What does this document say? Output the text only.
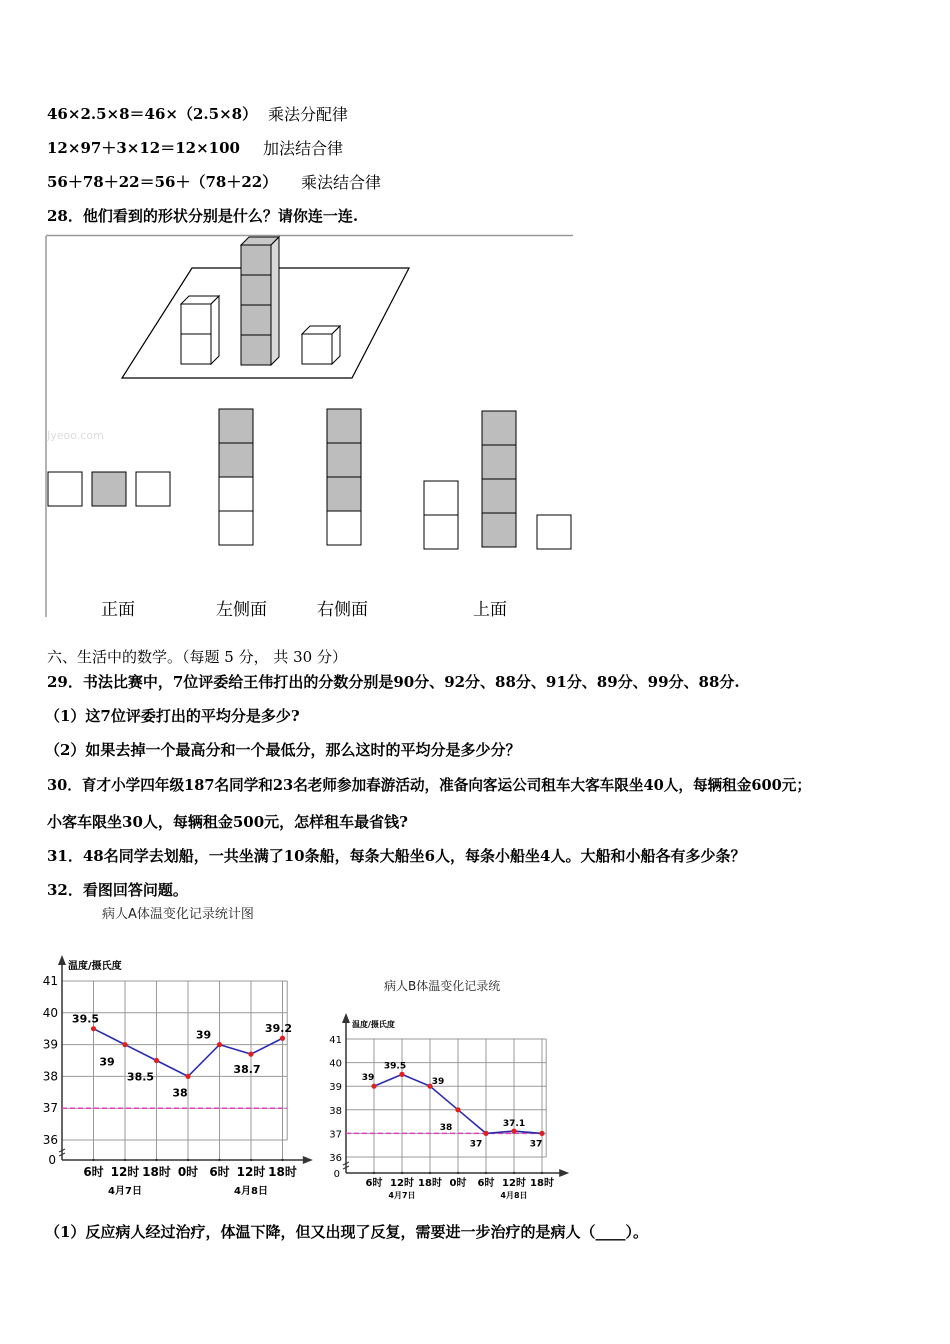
46×2.5×8＝46×（2.5×8） 乘法分配律
12×97＋3×12＝12×100 加法结合律
56＋78＋22＝56＋（78＋22） 乘法结合律
28．他们看到的形状分别是什么？请你连一连.
Jyeoo.com
正面	左侧面	右侧面	上面
六、生活中的数学。（每题 5 分， 共 30 分）
29．书法比赛中，7位评委给王伟打出的分数分别是90分、92分、88分、91分、89分、99分、88分.
（1）这7位评委打出的平均分是多少?
（2）如果去掉一个最高分和一个最低分，那么这时的平均分是多少分？
30．育才小学四年级187名同学和23名老师参加春游活动，准备向客运公司租车大客车限坐40人，每辆租金600元；
小客车限坐30人，每辆租金500元，怎样租车最省钱?
31．48名同学去划船，一共坐满了10条船，每条大船坐6人，每条小船坐4人。大船和小船各有多少条？
32．看图回答问题。
病人A体温变化记录统计图
温度/摄氏度
41
40
39
38
37
36
0
39.5
39
38.5
38
39
38.7
39.2
6时 12时 18时 0时 6时 12时 18时
4月7日	4月8日
病人B体温变化记录统
温度/摄氏度
41
40
39
38
37
36
0
39
39.5
39
38
37
37.1
37
6时 12时 18时 0时 6时 12时 18时
4月7日	4月8日
（1）反应病人经过治疗，体温下降，但又出现了反复，需要进一步治疗的是病人（____）。
